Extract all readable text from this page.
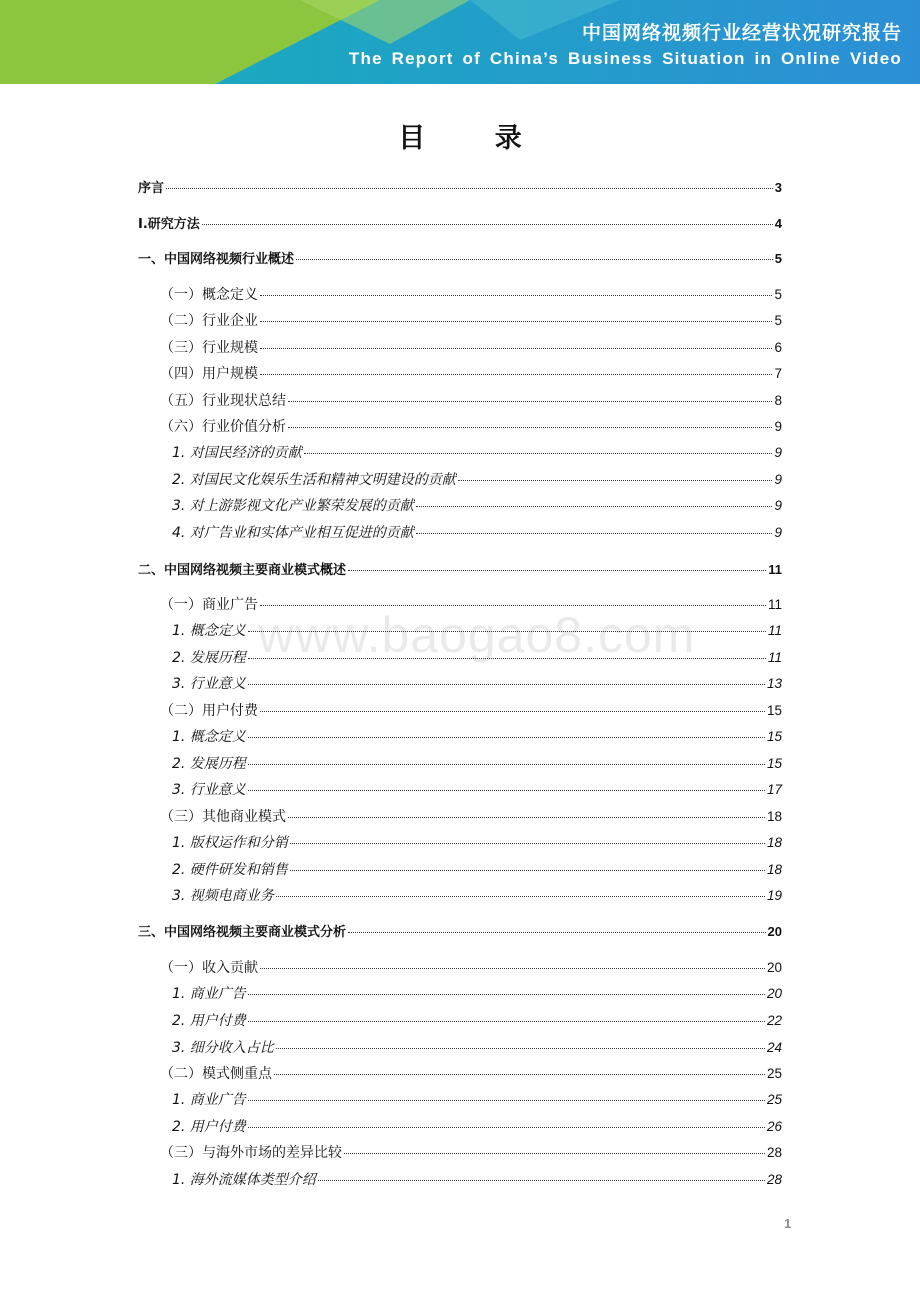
中国网络视频行业经营状况研究报告
The Report of China’s Business Situation in Online Video
目 录
www.baogao8.com
序言	3
Ⅰ.研究方法	4
一、中国网络视频行业概述	5
（一）概念定义	5
（二）行业企业	5
（三）行业规模	6
（四）用户规模	7
（五）行业现状总结	8
（六）行业价值分析	9
1. 对国民经济的贡献	9
2. 对国民文化娱乐生活和精神文明建设的贡献	9
3. 对上游影视文化产业繁荣发展的贡献	9
4. 对广告业和实体产业相互促进的贡献	9
二、中国网络视频主要商业模式概述	11
（一）商业广告	11
1. 概念定义	11
2. 发展历程	11
3. 行业意义	13
（二）用户付费	15
1. 概念定义	15
2. 发展历程	15
3. 行业意义	17
（三）其他商业模式	18
1. 版权运作和分销	18
2. 硬件研发和销售	18
3. 视频电商业务	19
三、中国网络视频主要商业模式分析	20
（一）收入贡献	20
1. 商业广告	20
2. 用户付费	22
3. 细分收入占比	24
（二）模式侧重点	25
1. 商业广告	25
2. 用户付费	26
（三）与海外市场的差异比较	28
1. 海外流媒体类型介绍	28
1
